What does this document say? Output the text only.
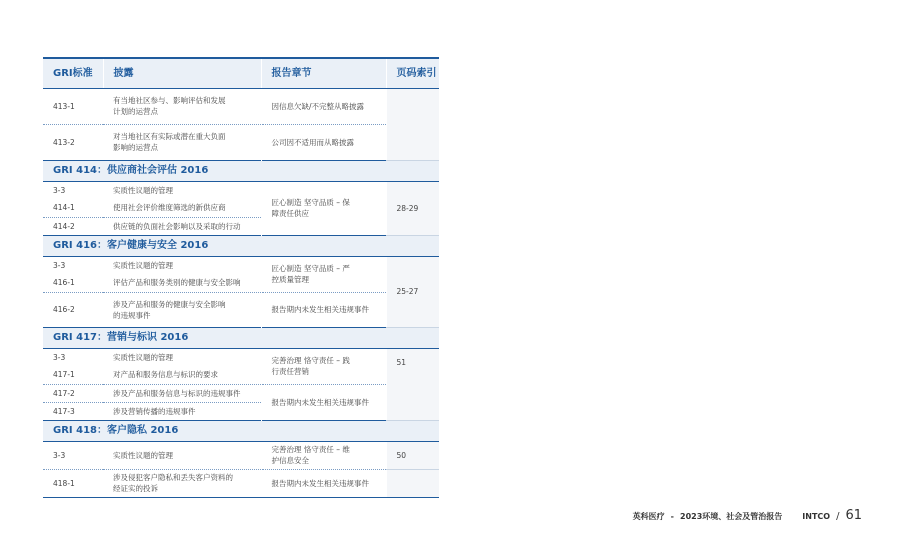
GRI标准	披露	报告章节	页码索引
413-1	有当地社区参与、影响评估和发展计划的运营点	因信息欠缺/不完整从略披露	
413-2	对当地社区有实际或潜在重大负面影响的运营点	公司因不适用而从略披露	
GRI 414：供应商社会评估 2016			
3-3	实质性议题的管理	匠心制造 坚守品质 – 保障责任供应	28-29
414-1	使用社会评价维度筛选的新供应商		
414-2	供应链的负面社会影响以及采取的行动		
GRI 416：客户健康与安全 2016			
3-3	实质性议题的管理	匠心制造 坚守品质 – 严控质量管理	25-27
416-1	评估产品和服务类别的健康与安全影响		
416-2	涉及产品和服务的健康与安全影响的违规事件	报告期内未发生相关违规事件	
GRI 417：营销与标识 2016			
3-3	实质性议题的管理	完善治理 恪守责任 – 践行责任营销	51
417-1	对产品和服务信息与标识的要求		
417-2	涉及产品和服务信息与标识的违规事件	报告期内未发生相关违规事件	
417-3	涉及营销传播的违规事件		
GRI 418：客户隐私 2016			
3-3	实质性议题的管理	完善治理 恪守责任 – 维护信息安全	50
418-1	涉及侵犯客户隐私和丢失客户资料的经证实的投诉	报告期内未发生相关违规事件	
英科医疗 - 2023环境、社会及管治报告	INTCO / 61
